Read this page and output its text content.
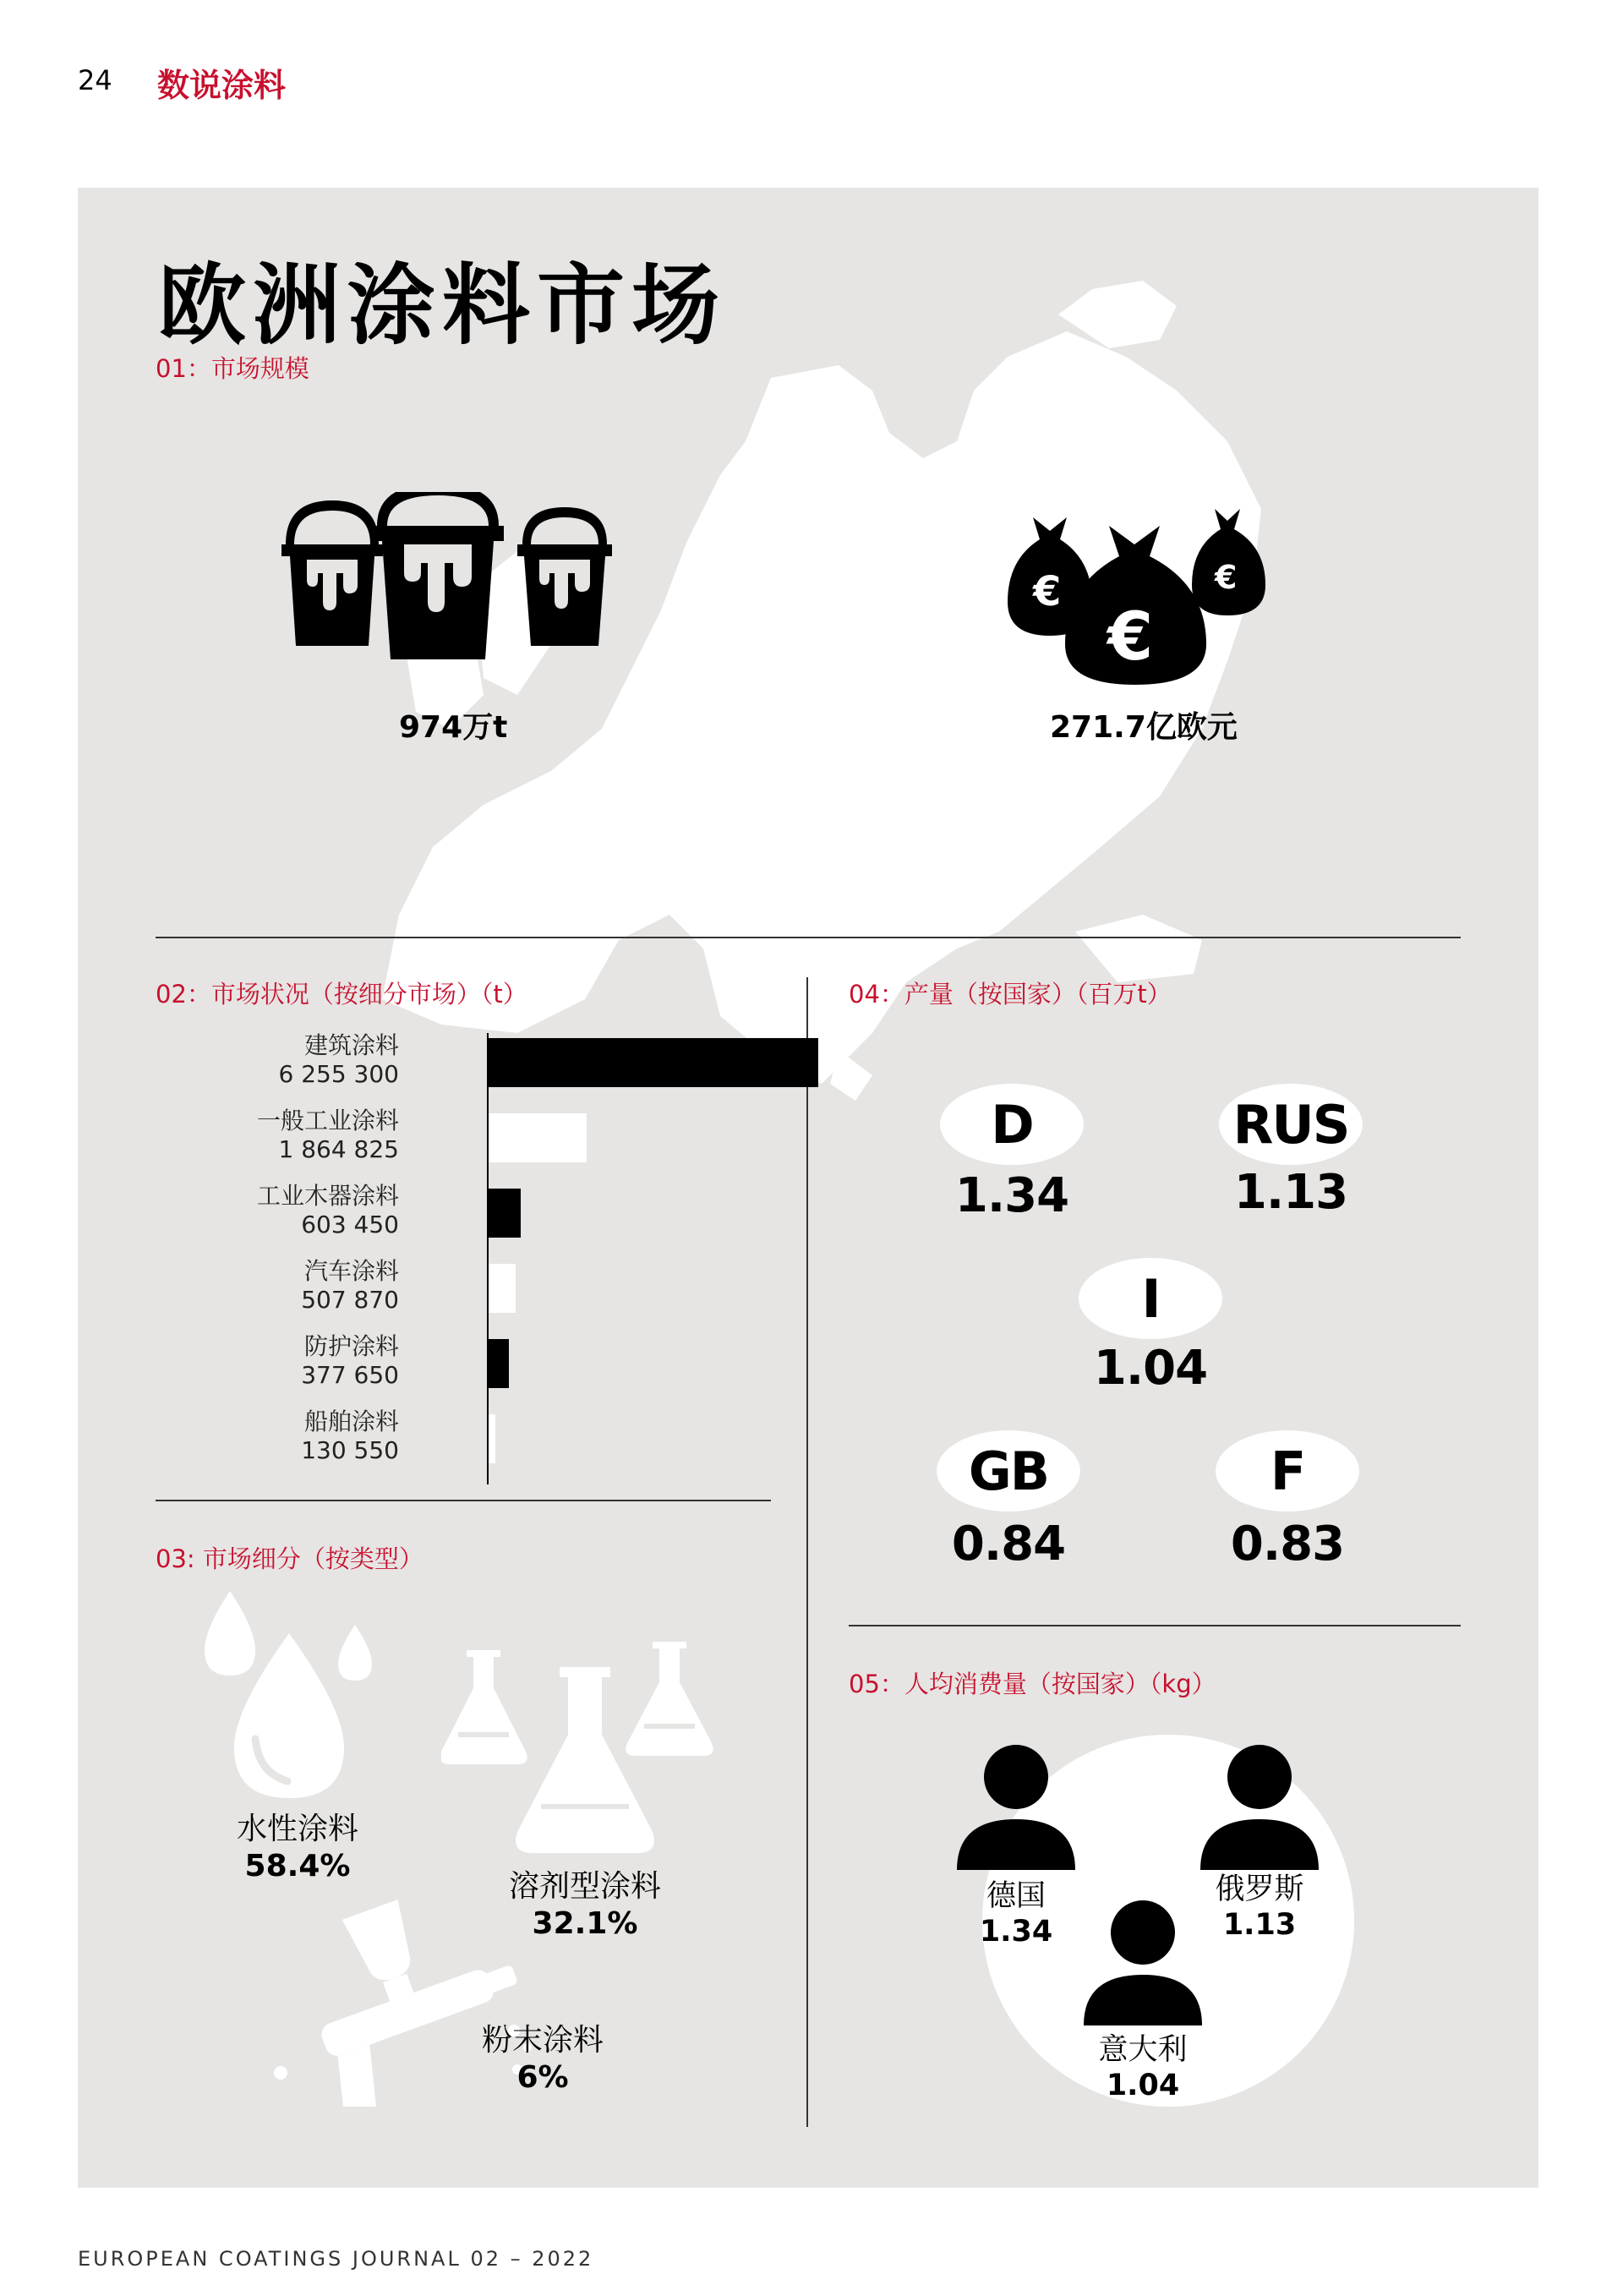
24 数说涂料
欧洲涂料市场
01：市场规模
974万t
€	€
€
271.7亿欧元
02：市场状况（按细分市场）（t）
建筑涂料
6 255 300
一般工业涂料
1 864 825
工业木器涂料
603 450
汽车涂料
507 870
防护涂料
377 650
船舶涂料
130 550
03: 市场细分（按类型）
水性涂料
58.4%
溶剂型涂料
32.1%
粉末涂料
6%
04：产量（按国家）（百万t）
D
1.34
RUS
1.13
I
1.04
GB
0.84
F
0.83
05：人均消费量（按国家）（kg）
德国
1.34
俄罗斯
1.13
意大利
1.04
EUROPEAN COATINGS JOURNAL 02 – 2022
